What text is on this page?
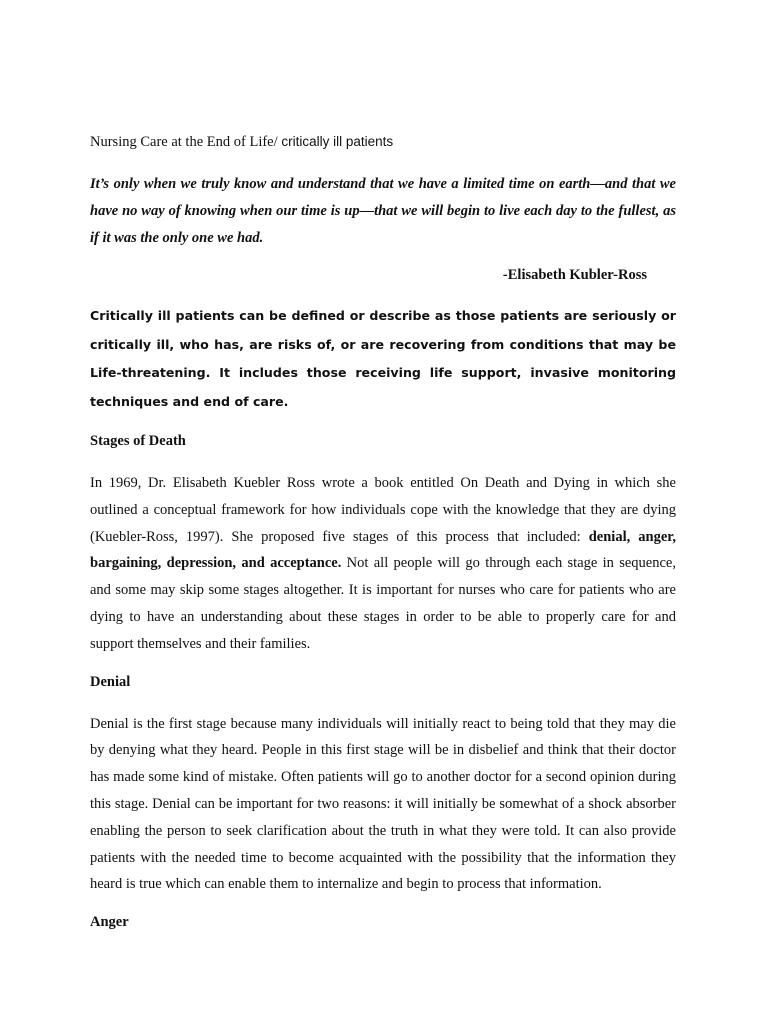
Nursing Care at the End of Life/ critically ill patients
It’s only when we truly know and understand that we have a limited time on earth—and that we have no way of knowing when our time is up—that we will begin to live each day to the fullest, as if it was the only one we had.
-Elisabeth Kubler-Ross
Critically ill patients can be defined or describe as those patients are seriously or critically ill, who has, are risks of, or are recovering from conditions that may be Life-threatening. It includes those receiving life support, invasive monitoring techniques and end of care.
Stages of Death
In 1969, Dr. Elisabeth Kuebler Ross wrote a book entitled On Death and Dying in which she outlined a conceptual framework for how individuals cope with the knowledge that they are dying (Kuebler-Ross, 1997). She proposed five stages of this process that included: denial, anger, bargaining, depression, and acceptance. Not all people will go through each stage in sequence, and some may skip some stages altogether. It is important for nurses who care for patients who are dying to have an understanding about these stages in order to be able to properly care for and support themselves and their families.
Denial
Denial is the first stage because many individuals will initially react to being told that they may die by denying what they heard. People in this first stage will be in disbelief and think that their doctor has made some kind of mistake. Often patients will go to another doctor for a second opinion during this stage. Denial can be important for two reasons: it will initially be somewhat of a shock absorber enabling the person to seek clarification about the truth in what they were told. It can also provide patients with the needed time to become acquainted with the possibility that the information they heard is true which can enable them to internalize and begin to process that information.
Anger
